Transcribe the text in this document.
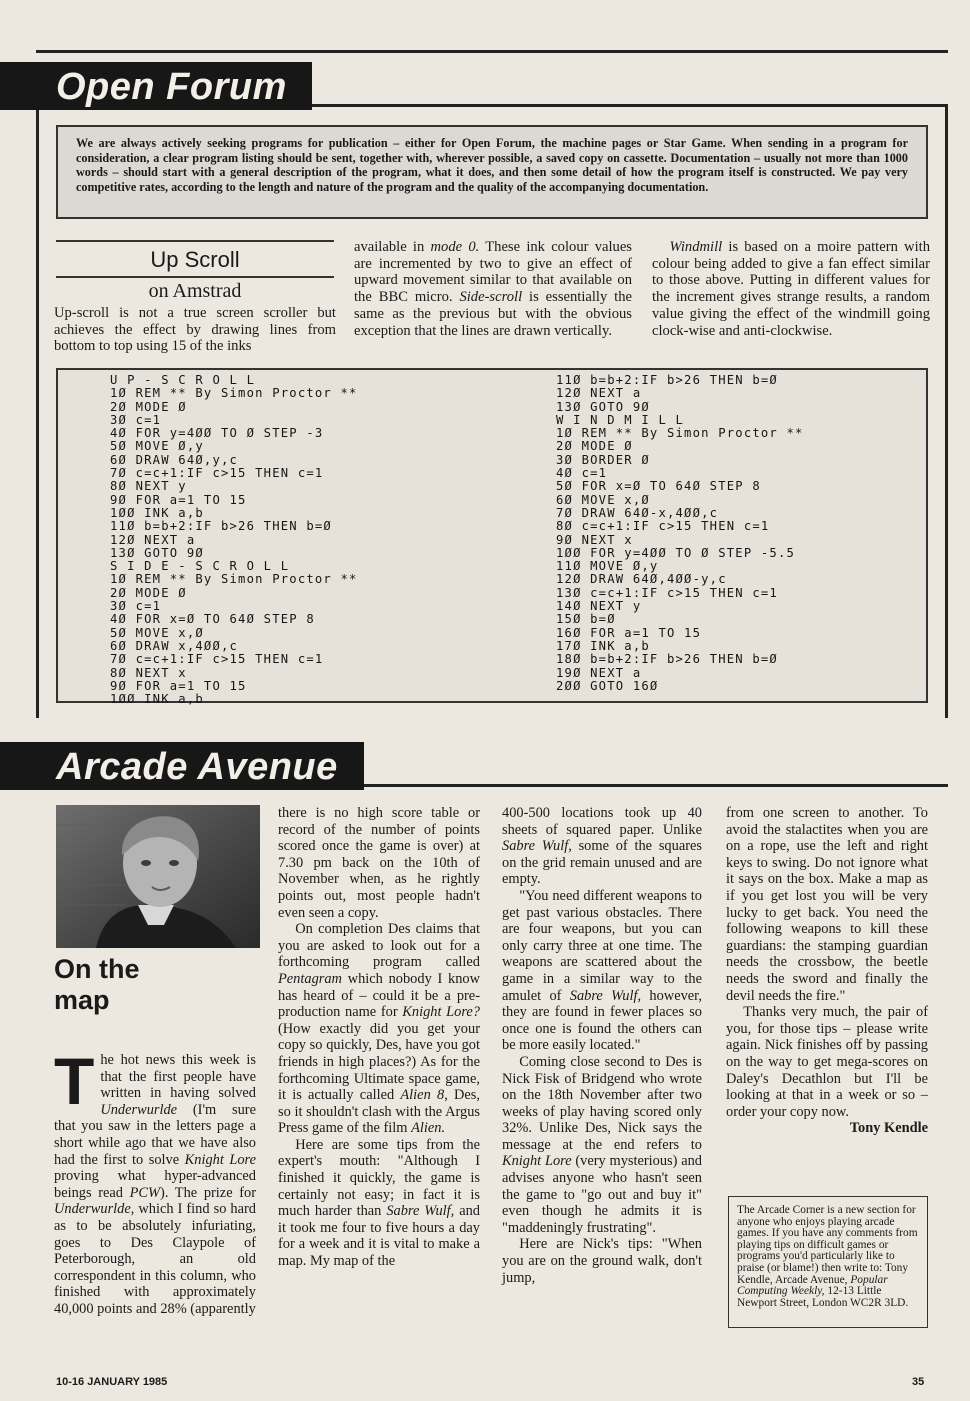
Open Forum
We are always actively seeking programs for publication – either for Open Forum, the machine pages or Star Game. When sending in a program for consideration, a clear program listing should be sent, together with, wherever possible, a saved copy on cassette. Documentation – usually not more than 1000 words – should start with a general description of the program, what it does, and then some detail of how the program itself is constructed. We pay very competitive rates, according to the length and nature of the program and the quality of the accompanying documentation.
Up Scroll
on Amstrad
Up-scroll is not a true screen scroller but achieves the effect by drawing lines from bottom to top using 15 of the inks
available in mode 0. These ink colour values are incremented by two to give an effect of upward movement similar to that available on the BBC micro. Side-scroll is essentially the same as the previous but with the obvious exception that the lines are drawn vertically.
Windmill is based on a moire pattern with colour being added to give a fan effect similar to those above. Putting in different values for the increment gives strange results, a random value giving the effect of the windmill going clock-wise and anti-clockwise.
U P - S C R O L L
1Ø REM ** By Simon Proctor **
2Ø MODE Ø
3Ø c=1
4Ø FOR y=4ØØ TO Ø STEP -3
5Ø MOVE Ø,y
6Ø DRAW 64Ø,y,c
7Ø c=c+1:IF c>15 THEN c=1
8Ø NEXT y
9Ø FOR a=1 TO 15
1ØØ INK a,b
11Ø b=b+2:IF b>26 THEN b=Ø
12Ø NEXT a
13Ø GOTO 9Ø
S I D E - S C R O L L
1Ø REM ** By Simon Proctor **
2Ø MODE Ø
3Ø c=1
4Ø FOR x=Ø TO 64Ø STEP 8
5Ø MOVE x,Ø
6Ø DRAW x,4ØØ,c
7Ø c=c+1:IF c>15 THEN c=1
8Ø NEXT x
9Ø FOR a=1 TO 15
1ØØ INK a,b
11Ø b=b+2:IF b>26 THEN b=Ø
12Ø NEXT a
13Ø GOTO 9Ø
W I N D M I L L
1Ø REM ** By Simon Proctor **
2Ø MODE Ø
3Ø BORDER Ø
4Ø c=1
5Ø FOR x=Ø TO 64Ø STEP 8
6Ø MOVE x,Ø
7Ø DRAW 64Ø-x,4ØØ,c
8Ø c=c+1:IF c>15 THEN c=1
9Ø NEXT x
1ØØ FOR y=4ØØ TO Ø STEP -5.5
11Ø MOVE Ø,y
12Ø DRAW 64Ø,4ØØ-y,c
13Ø c=c+1:IF c>15 THEN c=1
14Ø NEXT y
15Ø b=Ø
16Ø FOR a=1 TO 15
17Ø INK a,b
18Ø b=b+2:IF b>26 THEN b=Ø
19Ø NEXT a
2ØØ GOTO 16Ø
Arcade Avenue
On the
map
The hot news this week is that the first people have written in having solved Underwurlde (I'm sure that you saw in the letters page a short while ago that we have also had the first to solve Knight Lore proving what hyper-advanced beings read PCW). The prize for Underwurlde, which I find so hard as to be absolutely infuriating, goes to Des Claypole of Peterborough, an old correspondent in this column, who finished with approximately 40,000 points and 28% (apparently

there is no high score table or record of the number of points scored once the game is over) at 7.30 pm back on the 10th of November when, as he rightly points out, most people hadn't even seen a copy.

On completion Des claims that you are asked to look out for a forthcoming program called Pentagram which nobody I know has heard of – could it be a pre-production name for Knight Lore? (How exactly did you get your copy so quickly, Des, have you got friends in high places?) As for the forthcoming Ultimate space game, it is actually called Alien 8, Des, so it shouldn't clash with the Argus Press game of the film Alien.

Here are some tips from the expert's mouth: "Although I finished it quickly, the game is certainly not easy; in fact it is much harder than Sabre Wulf, and it took me four to five hours a day for a week and it is vital to make a map. My map of the

400-500 locations took up 40 sheets of squared paper. Unlike Sabre Wulf, some of the squares on the grid remain unused and are empty.

"You need different weapons to get past various obstacles. There are four weapons, but you can only carry three at one time. The weapons are scattered about the game in a similar way to the amulet of Sabre Wulf, however, they are found in fewer places so once one is found the others can be more easily located."

Coming close second to Des is Nick Fisk of Bridgend who wrote on the 18th November after two weeks of play having scored only 32%. Unlike Des, Nick says the message at the end refers to Knight Lore (very mysterious) and advises anyone who hasn't seen the game to "go out and buy it" even though he admits it is "maddeningly frustrating".

Here are Nick's tips: "When you are on the ground walk, don't jump,

from one screen to another. To avoid the stalactites when you are on a rope, use the left and right keys to swing. Do not ignore what it says on the box. Make a map as if you get lost you will be very lucky to get back. You need the following weapons to kill these guardians: the stamping guardian needs the crossbow, the beetle needs the sword and finally the devil needs the fire."

Thanks very much, the pair of you, for those tips – please write again. Nick finishes off by passing on the way to get mega-scores on Daley's Decathlon but I'll be looking at that in a week or so – order your copy now.

Tony Kendle

The Arcade Corner is a new section for anyone who enjoys playing arcade games. If you have any comments from playing tips on difficult games or programs you'd particularly like to praise (or blame!) then write to: Tony Kendle, Arcade Avenue, Popular Computing Weekly, 12-13 Little Newport Street, London WC2R 3LD.
10-16 JANUARY 1985	35
